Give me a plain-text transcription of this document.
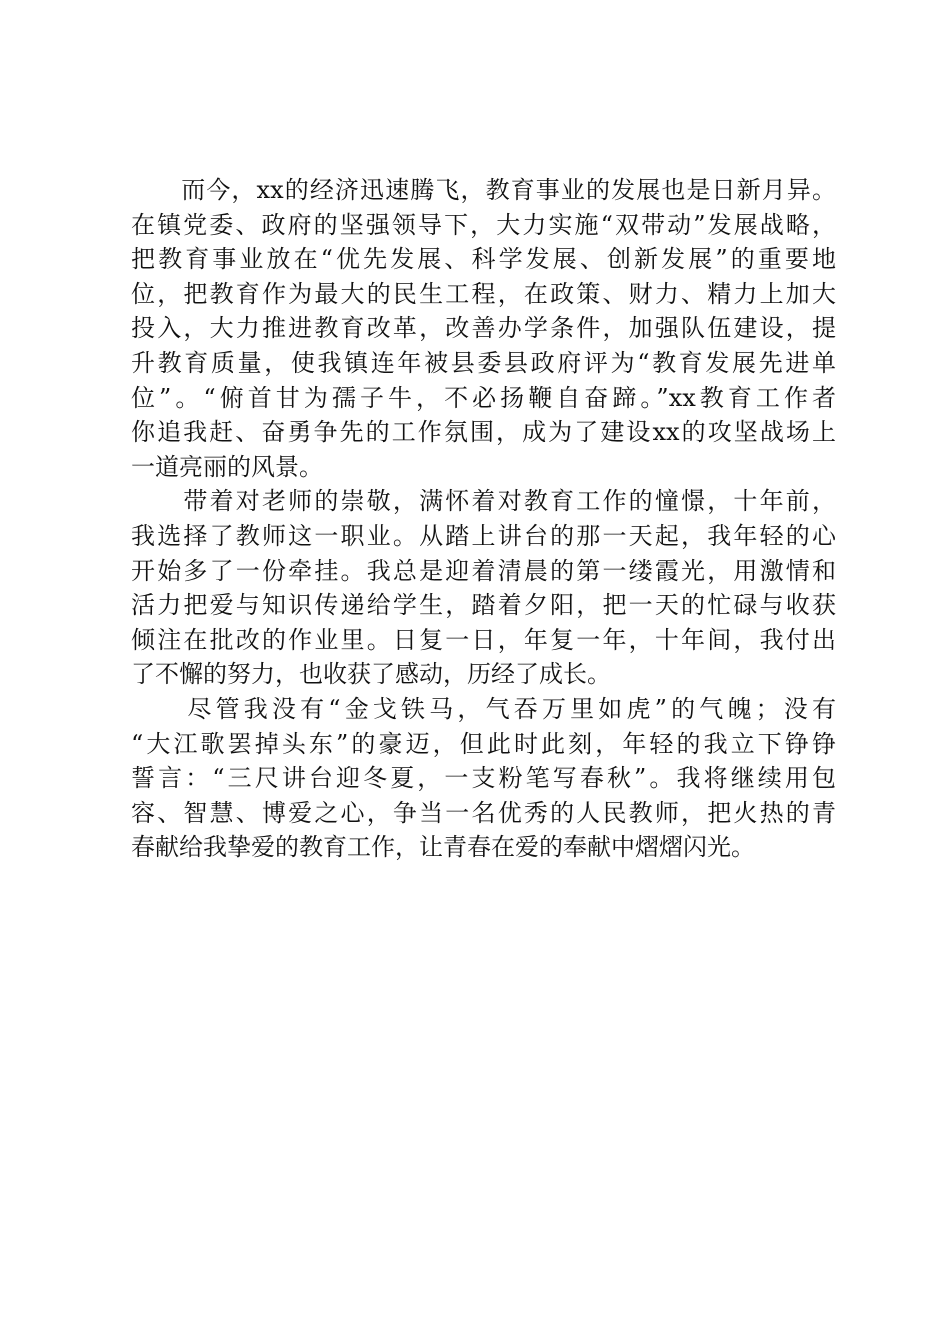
　　而今，xx的经济迅速腾飞，教育事业的发展也是日新月异。
在镇党委、政府的坚强领导下，大力实施“双带动”发展战略，
把教育事业放在“优先发展、科学发展、创新发展”的重要地
位，把教育作为最大的民生工程，在政策、财力、精力上加大
投入，大力推进教育改革，改善办学条件，加强队伍建设，提
升教育质量，使我镇连年被县委县政府评为“教育发展先进单
位”。“俯首甘为孺子牛，不必扬鞭自奋蹄。”xx教育工作者
你追我赶、奋勇争先的工作氛围，成为了建设xx的攻坚战场上
一道亮丽的风景。
　　带着对老师的崇敬，满怀着对教育工作的憧憬，十年前，
我选择了教师这一职业。从踏上讲台的那一天起，我年轻的心
开始多了一份牵挂。我总是迎着清晨的第一缕霞光，用激情和
活力把爱与知识传递给学生，踏着夕阳，把一天的忙碌与收获
倾注在批改的作业里。日复一日，年复一年，十年间，我付出
了不懈的努力，也收获了感动，历经了成长。
　　尽管我没有“金戈铁马，气吞万里如虎”的气魄；没有
“大江歌罢掉头东”的豪迈，但此时此刻，年轻的我立下铮铮
誓言：“三尺讲台迎冬夏，一支粉笔写春秋”。我将继续用包
容、智慧、博爱之心，争当一名优秀的人民教师，把火热的青
春献给我挚爱的教育工作，让青春在爱的奉献中熠熠闪光。
